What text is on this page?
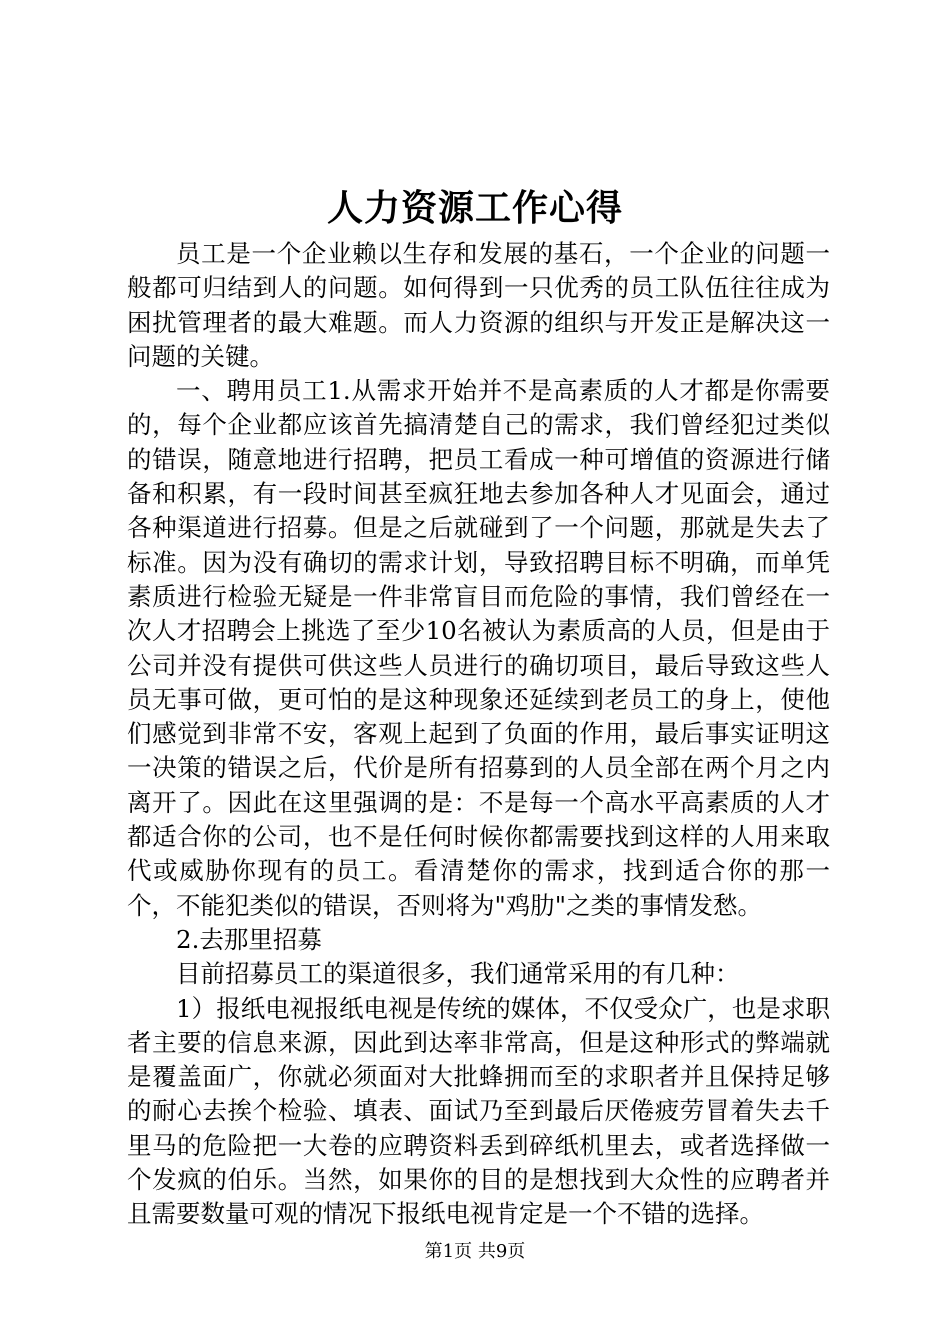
人力资源工作心得

员工是一个企业赖以生存和发展的基石，一个企业的问题一般都可归结到人的问题。如何得到一只优秀的员工队伍往往成为困扰管理者的最大难题。而人力资源的组织与开发正是解决这一问题的关键。

一、聘用员工1.从需求开始并不是高素质的人才都是你需要的，每个企业都应该首先搞清楚自己的需求，我们曾经犯过类似的错误，随意地进行招聘，把员工看成一种可增值的资源进行储备和积累，有一段时间甚至疯狂地去参加各种人才见面会，通过各种渠道进行招募。但是之后就碰到了一个问题，那就是失去了标准。因为没有确切的需求计划，导致招聘目标不明确，而单凭素质进行检验无疑是一件非常盲目而危险的事情，我们曾经在一次人才招聘会上挑选了至少10名被认为素质高的人员，但是由于公司并没有提供可供这些人员进行的确切项目，最后导致这些人员无事可做，更可怕的是这种现象还延续到老员工的身上，使他们感觉到非常不安，客观上起到了负面的作用，最后事实证明这一决策的错误之后，代价是所有招募到的人员全部在两个月之内离开了。因此在这里强调的是：不是每一个高水平高素质的人才都适合你的公司，也不是任何时候你都需要找到这样的人用来取代或威胁你现有的员工。看清楚你的需求，找到适合你的那一个，不能犯类似的错误，否则将为"鸡肋"之类的事情发愁。

2.去那里招募

目前招募员工的渠道很多，我们通常采用的有几种：

1）报纸电视报纸电视是传统的媒体，不仅受众广，也是求职者主要的信息来源，因此到达率非常高，但是这种形式的弊端就是覆盖面广，你就必须面对大批蜂拥而至的求职者并且保持足够的耐心去挨个检验、填表、面试乃至到最后厌倦疲劳冒着失去千里马的危险把一大卷的应聘资料丢到碎纸机里去，或者选择做一个发疯的伯乐。当然，如果你的目的是想找到大众性的应聘者并且需要数量可观的情况下报纸电视肯定是一个不错的选择。

第1页 共9页
